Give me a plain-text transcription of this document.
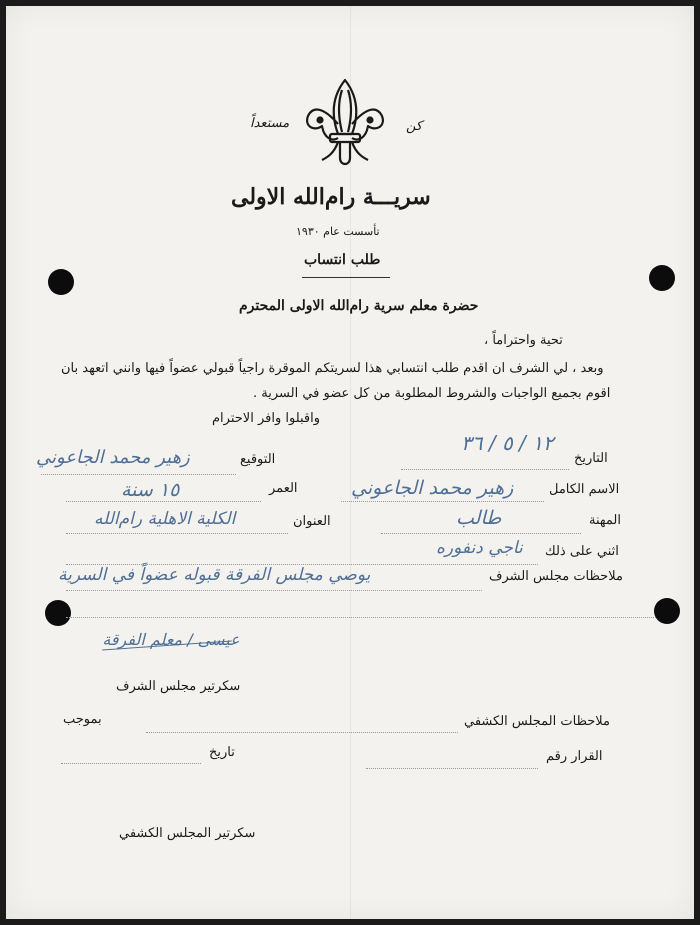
كن
مستعداً
سريـــة رام‌الله الاولى
تأسست عام ١٩٣٠
طلب انتساب
حضرة معلم سرية رام‌الله الاولى المحترم
تحية واحتراماً ،
وبعد ، لي الشرف ان اقدم طلب انتسابي هذا لسريتكم الموقرة راجياً قبولي عضواً فيها وانني اتعهد بان
اقوم بجميع الواجبات والشروط المطلوبة من كل عضو في السرية .
واقبلوا وافر الاحترام
التاريخ
١٢ / ٥ / ٣٦
التوقيع
زهير محمد الجاعوني
الاسم الكامل
زهير محمد الجاعوني
العمر
١٥ سنة
المهنة
طالب
العنوان
الكلية الاهلية رام‌الله
اثني على ذلك
ناجي دنفوره
ملاحظات مجلس الشرف
يوصي مجلس الفرقة قبوله عضواً في السرية
عيسى / معلم الفرقة
سكرتير مجلس الشرف
ملاحظات المجلس الكشفي
بموجب
القرار رقم
تاريخ
سكرتير المجلس الكشفي
